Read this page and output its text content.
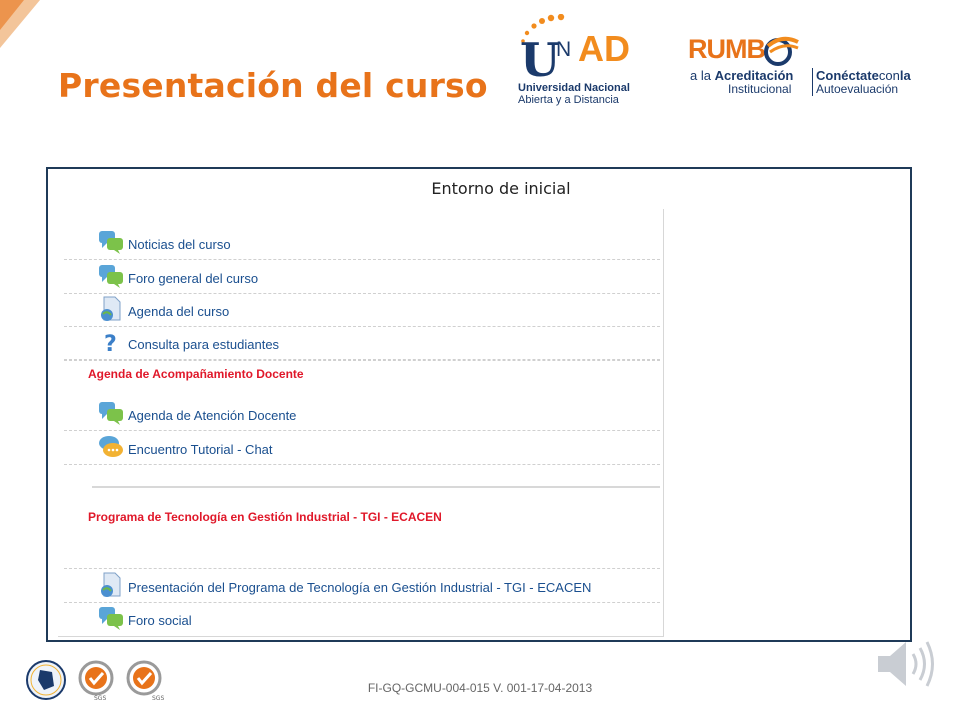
Presentación del curso U
N AD
Universidad Nacional
Abierta y a Distancia
RUMB
a la Acreditación
Institucional
Conéctateconla
Autoevaluación
Entorno de inicial
Noticias del curso
Foro general del curso
Agenda del curso
? Consulta para estudiantes
Agenda de Acompañamiento Docente
Agenda de Atención Docente
Encuentro Tutorial - Chat
Programa de Tecnología en Gestión Industrial - TGI - ECACEN
Presentación del Programa de Tecnología en Gestión Industrial - TGI - ECACEN
Foro social
SGS	SGS
FI-GQ-GCMU-004-015 V. 001-17-04-2013
